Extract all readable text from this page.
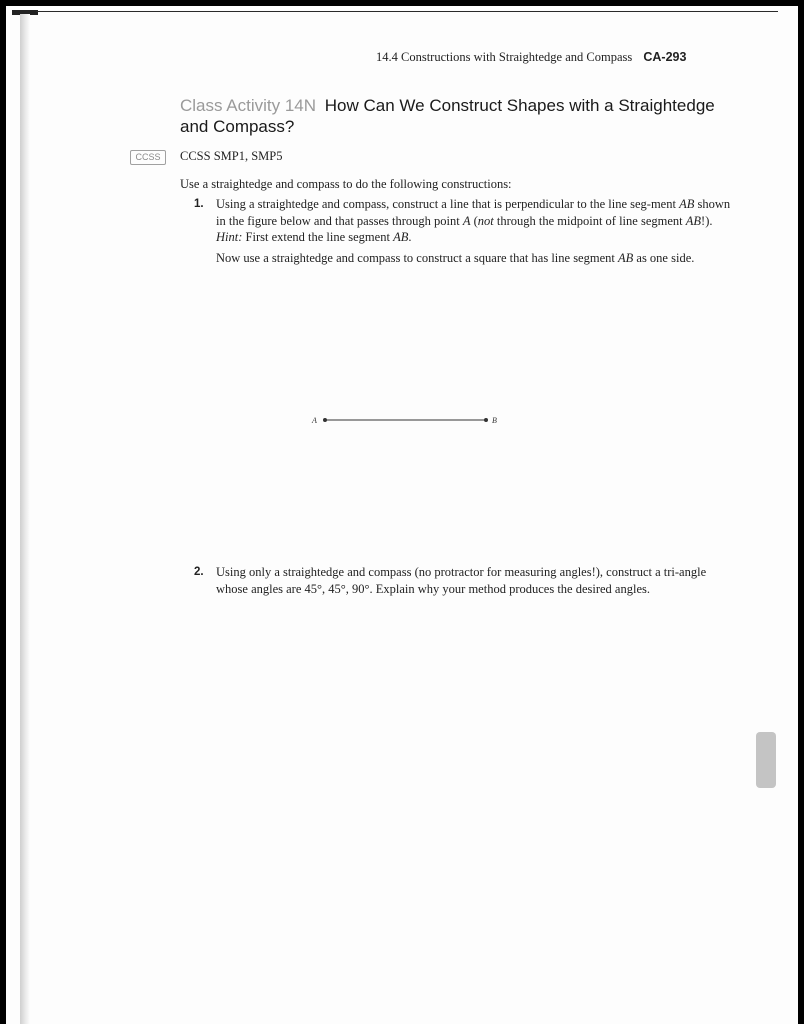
14.4 Constructions with Straightedge and Compass CA-293
Class Activity 14N How Can We Construct Shapes with a Straightedge and Compass?
CCSS	CCSS SMP1, SMP5
Use a straightedge and compass to do the following constructions:
1. Using a straightedge and compass, construct a line that is perpendicular to the line seg-ment AB shown in the figure below and that passes through point A (not through the midpoint of line segment AB!). Hint: First extend the line segment AB.
Now use a straightedge and compass to construct a square that has line segment AB as one side.
A	B
2. Using only a straightedge and compass (no protractor for measuring angles!), construct a tri-angle whose angles are 45°, 45°, 90°. Explain why your method produces the desired angles.
